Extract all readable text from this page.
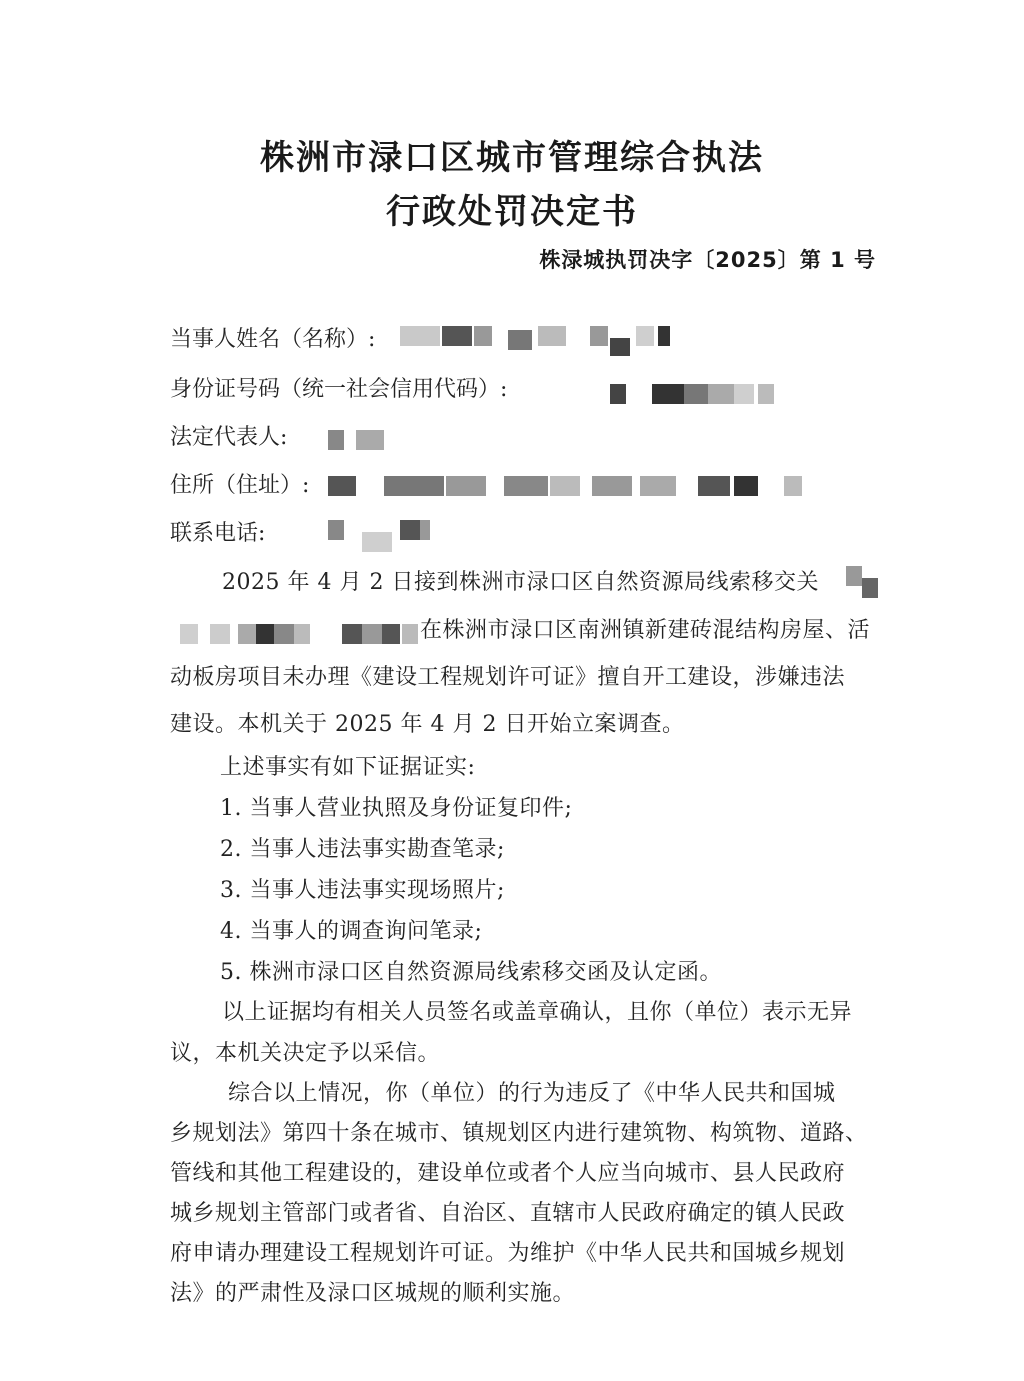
株洲市渌口区城市管理综合执法
行政处罚决定书
株渌城执罚决字〔2025〕第 1 号
当事人姓名（名称）:
身份证号码（统一社会信用代码）:
法定代表人:
住所（住址）:
联系电话:
2025 年 4 月 2 日接到株洲市渌口区自然资源局线索移交关
在株洲市渌口区南洲镇新建砖混结构房屋、活
动板房项目未办理《建设工程规划许可证》擅自开工建设，涉嫌违法
建设。本机关于 2025 年 4 月 2 日开始立案调查。
上述事实有如下证据证实:
1. 当事人营业执照及身份证复印件;
2. 当事人违法事实勘查笔录;
3. 当事人违法事实现场照片;
4. 当事人的调查询问笔录;
5. 株洲市渌口区自然资源局线索移交函及认定函。
以上证据均有相关人员签名或盖章确认，且你（单位）表示无异
议，本机关决定予以采信。
综合以上情况，你（单位）的行为违反了《中华人民共和国城
乡规划法》第四十条在城市、镇规划区内进行建筑物、构筑物、道路、
管线和其他工程建设的，建设单位或者个人应当向城市、县人民政府
城乡规划主管部门或者省、自治区、直辖市人民政府确定的镇人民政
府申请办理建设工程规划许可证。为维护《中华人民共和国城乡规划
法》的严肃性及渌口区城规的顺利实施。
